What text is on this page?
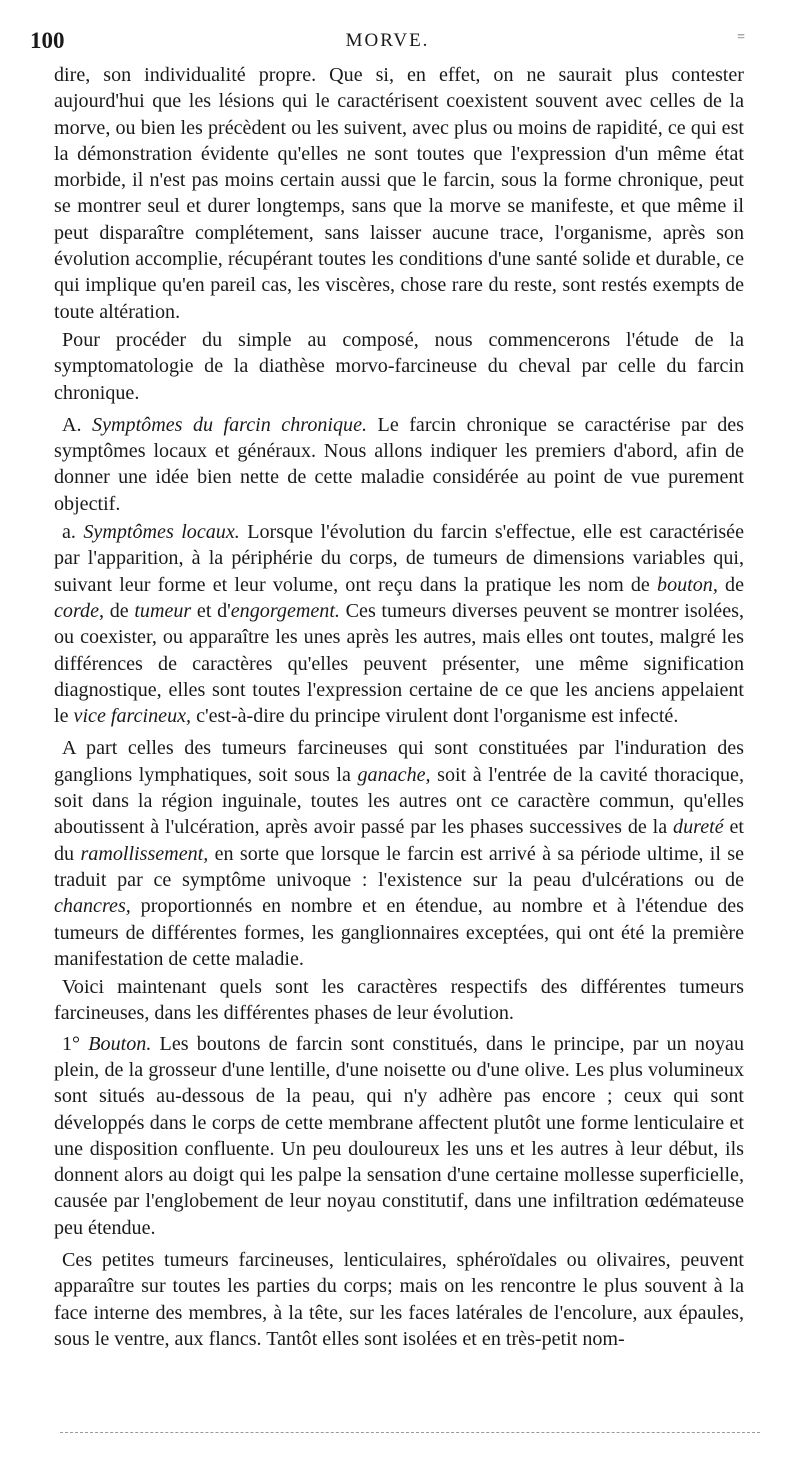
100	MORVE.	=

dire, son individualité propre. Que si, en effet, on ne saurait plus contester aujourd'hui que les lésions qui le caractérisent coexistent souvent avec celles de la morve, ou bien les précèdent ou les suivent, avec plus ou moins de rapidité, ce qui est la démonstration évidente qu'elles ne sont toutes que l'expression d'un même état morbide, il n'est pas moins certain aussi que le farcin, sous la forme chronique, peut se montrer seul et durer longtemps, sans que la morve se manifeste, et que même il peut disparaître complétement, sans laisser aucune trace, l'organisme, après son évolution accomplie, récupérant toutes les conditions d'une santé solide et durable, ce qui implique qu'en pareil cas, les viscères, chose rare du reste, sont restés exempts de toute altération.

Pour procéder du simple au composé, nous commencerons l'étude de la symptomatologie de la diathèse morvo-farcineuse du cheval par celle du farcin chronique.

A. Symptômes du farcin chronique. Le farcin chronique se caractérise par des symptômes locaux et généraux. Nous allons indiquer les premiers d'abord, afin de donner une idée bien nette de cette maladie considérée au point de vue purement objectif.

a. Symptômes locaux. Lorsque l'évolution du farcin s'effectue, elle est caractérisée par l'apparition, à la périphérie du corps, de tumeurs de dimensions variables qui, suivant leur forme et leur volume, ont reçu dans la pratique les nom de bouton, de corde, de tumeur et d'engorgement. Ces tumeurs diverses peuvent se montrer isolées, ou coexister, ou apparaître les unes après les autres, mais elles ont toutes, malgré les différences de caractères qu'elles peuvent présenter, une même signification diagnostique, elles sont toutes l'expression certaine de ce que les anciens appelaient le vice farcineux, c'est-à-dire du principe virulent dont l'organisme est infecté.

A part celles des tumeurs farcineuses qui sont constituées par l'induration des ganglions lymphatiques, soit sous la ganache, soit à l'entrée de la cavité thoracique, soit dans la région inguinale, toutes les autres ont ce caractère commun, qu'elles aboutissent à l'ulcération, après avoir passé par les phases successives de la dureté et du ramollissement, en sorte que lorsque le farcin est arrivé à sa période ultime, il se traduit par ce symptôme univoque : l'existence sur la peau d'ulcérations ou de chancres, proportionnés en nombre et en étendue, au nombre et à l'étendue des tumeurs de différentes formes, les ganglionnaires exceptées, qui ont été la première manifestation de cette maladie.

Voici maintenant quels sont les caractères respectifs des différentes tumeurs farcineuses, dans les différentes phases de leur évolution.

1° Bouton. Les boutons de farcin sont constitués, dans le principe, par un noyau plein, de la grosseur d'une lentille, d'une noisette ou d'une olive. Les plus volumineux sont situés au-dessous de la peau, qui n'y adhère pas encore ; ceux qui sont développés dans le corps de cette membrane affectent plutôt une forme lenticulaire et une disposition confluente. Un peu douloureux les uns et les autres à leur début, ils donnent alors au doigt qui les palpe la sensation d'une certaine mollesse superficielle, causée par l'englobement de leur noyau constitutif, dans une infiltration œdémateuse peu étendue.

Ces petites tumeurs farcineuses, lenticulaires, sphéroïdales ou olivaires, peuvent apparaître sur toutes les parties du corps; mais on les rencontre le plus souvent à la face interne des membres, à la tête, sur les faces latérales de l'encolure, aux épaules, sous le ventre, aux flancs. Tantôt elles sont isolées et en très-petit nom-
